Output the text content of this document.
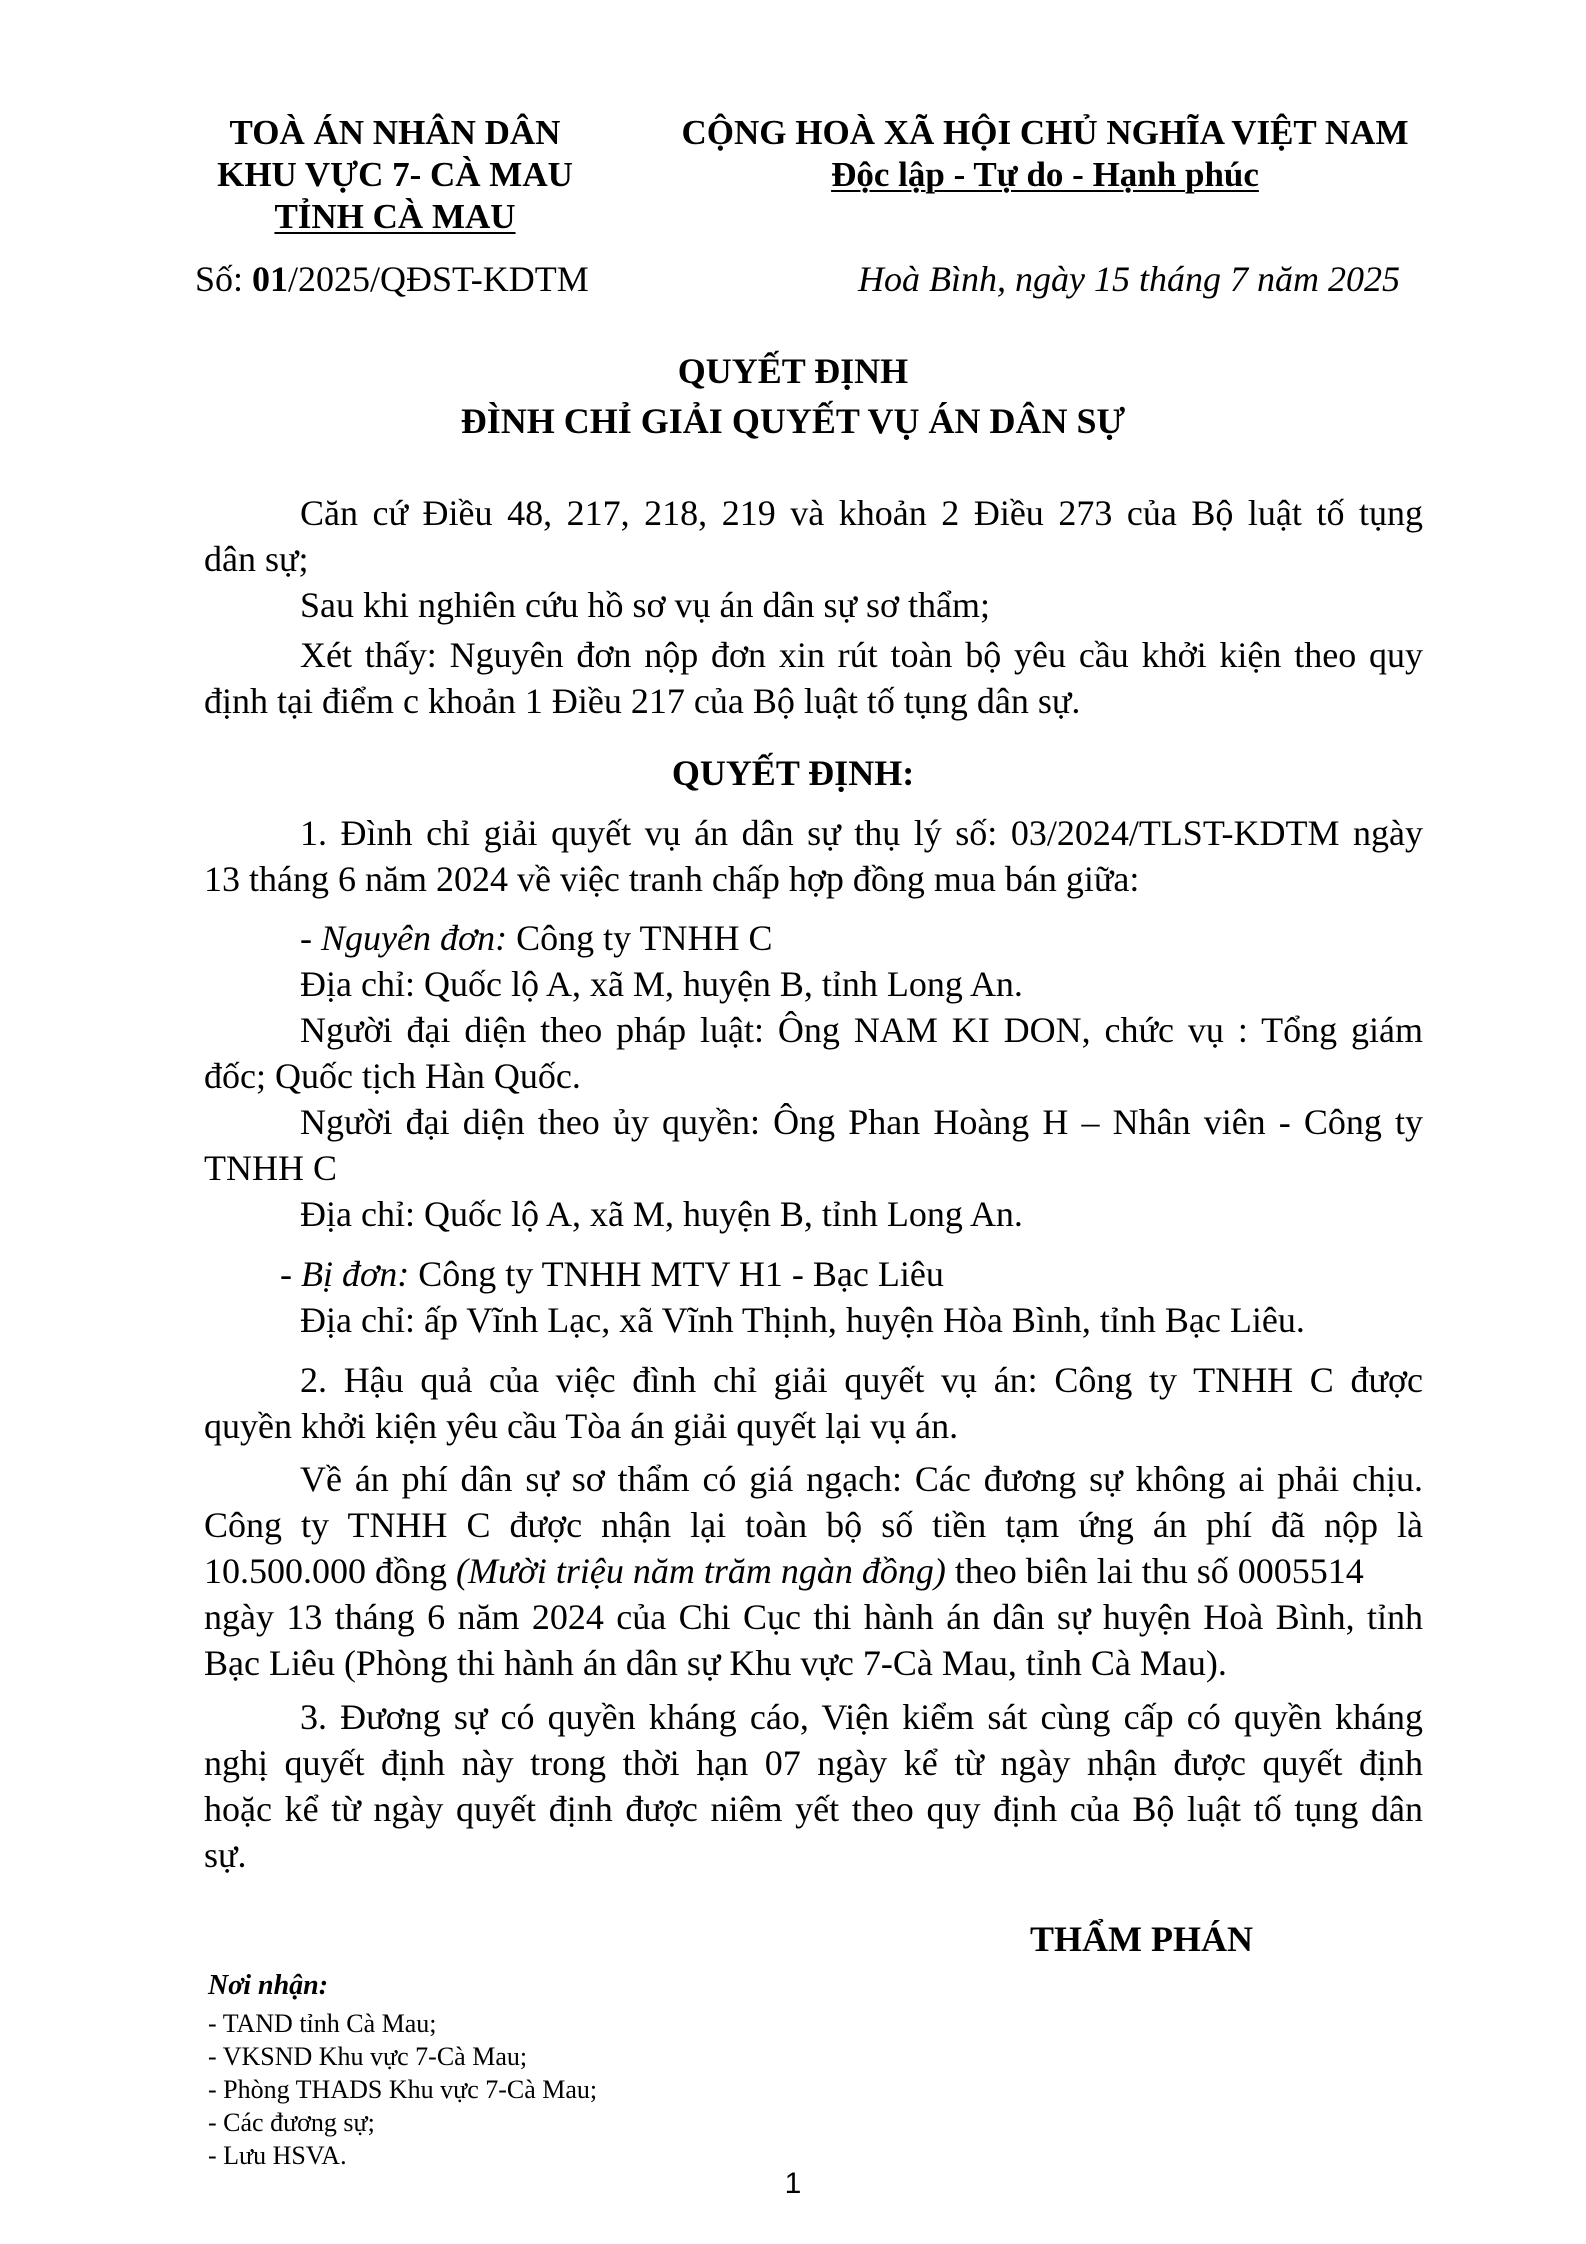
TOÀ ÁN NHÂN DÂN
KHU VỰC 7- CÀ MAU
TỈNH CÀ MAU
CỘNG HOÀ XÃ HỘI CHỦ NGHĨA VIỆT NAM
Độc lập - Tự do - Hạnh phúc
Số: 01/2025/QĐST-KDTM	Hoà Bình, ngày 15 tháng 7 năm 2025
QUYẾT ĐỊNH
ĐÌNH CHỈ GIẢI QUYẾT VỤ ÁN DÂN SỰ
Căn cứ Điều 48, 217, 218, 219 và khoản 2 Điều 273 của Bộ luật tố tụng
dân sự;
Sau khi nghiên cứu hồ sơ vụ án dân sự sơ thẩm;
Xét thấy: Nguyên đơn nộp đơn xin rút toàn bộ yêu cầu khởi kiện theo quy
định tại điểm c khoản 1 Điều 217 của Bộ luật tố tụng dân sự.
QUYẾT ĐỊNH:
1. Đình chỉ giải quyết vụ án dân sự thụ lý số: 03/2024/TLST-KDTM ngày
13 tháng 6 năm 2024 về việc tranh chấp hợp đồng mua bán giữa:
- Nguyên đơn: Công ty TNHH C
Địa chỉ: Quốc lộ A, xã M, huyện B, tỉnh Long An.
Người đại diện theo pháp luật: Ông NAM KI DON, chức vụ : Tổng giám
đốc; Quốc tịch Hàn Quốc.
Người đại diện theo ủy quyền: Ông Phan Hoàng H – Nhân viên - Công ty
TNHH C
Địa chỉ: Quốc lộ A, xã M, huyện B, tỉnh Long An.
- Bị đơn: Công ty TNHH MTV H1 - Bạc Liêu
Địa chỉ: ấp Vĩnh Lạc, xã Vĩnh Thịnh, huyện Hòa Bình, tỉnh Bạc Liêu.
2. Hậu quả của việc đình chỉ giải quyết vụ án: Công ty TNHH C được
quyền khởi kiện yêu cầu Tòa án giải quyết lại vụ án.
Về án phí dân sự sơ thẩm có giá ngạch: Các đương sự không ai phải chịu.
Công ty TNHH C được nhận lại toàn bộ số tiền tạm ứng án phí đã nộp là
10.500.000 đồng (Mười triệu năm trăm ngàn đồng) theo biên lai thu số 0005514
ngày 13 tháng 6 năm 2024 của Chi Cục thi hành án dân sự huyện Hoà Bình, tỉnh
Bạc Liêu (Phòng thi hành án dân sự Khu vực 7-Cà Mau, tỉnh Cà Mau).
3. Đương sự có quyền kháng cáo, Viện kiểm sát cùng cấp có quyền kháng
nghị quyết định này trong thời hạn 07 ngày kể từ ngày nhận được quyết định
hoặc kể từ ngày quyết định được niêm yết theo quy định của Bộ luật tố tụng dân
sự.
THẨM PHÁN
Nơi nhận:
- TAND tỉnh Cà Mau;
- VKSND Khu vực 7-Cà Mau;
- Phòng THADS Khu vực 7-Cà Mau;
- Các đương sự;
- Lưu HSVA.
1
